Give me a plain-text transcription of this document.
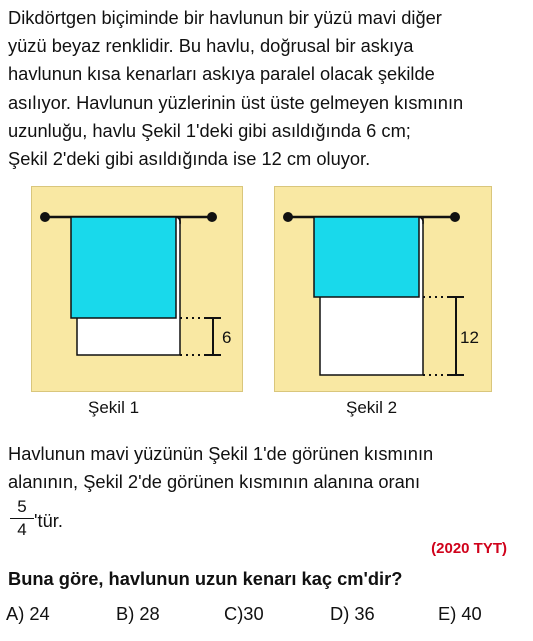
Dikdörtgen biçiminde bir havlunun bir yüzü mavi diğer
yüzü beyaz renklidir. Bu havlu, doğrusal bir askıya
havlunun kısa kenarları askıya paralel olacak şekilde
asılıyor. Havlunun yüzlerinin üst üste gelmeyen kısmının
uzunluğu, havlu Şekil 1'deki gibi asıldığında 6 cm;
Şekil 2'deki gibi asıldığında ise 12 cm oluyor.
6
Şekil 1
12
Şekil 2
Havlunun mavi yüzünün Şekil 1'de görünen kısmının
alanının, Şekil 2'de görünen kısmının alanına oranı
5
4 'tür.
(2020 TYT)
Buna göre, havlunun uzun kenarı kaç cm'dir?
A) 24	B) 28	C)30	D) 36	E) 40
